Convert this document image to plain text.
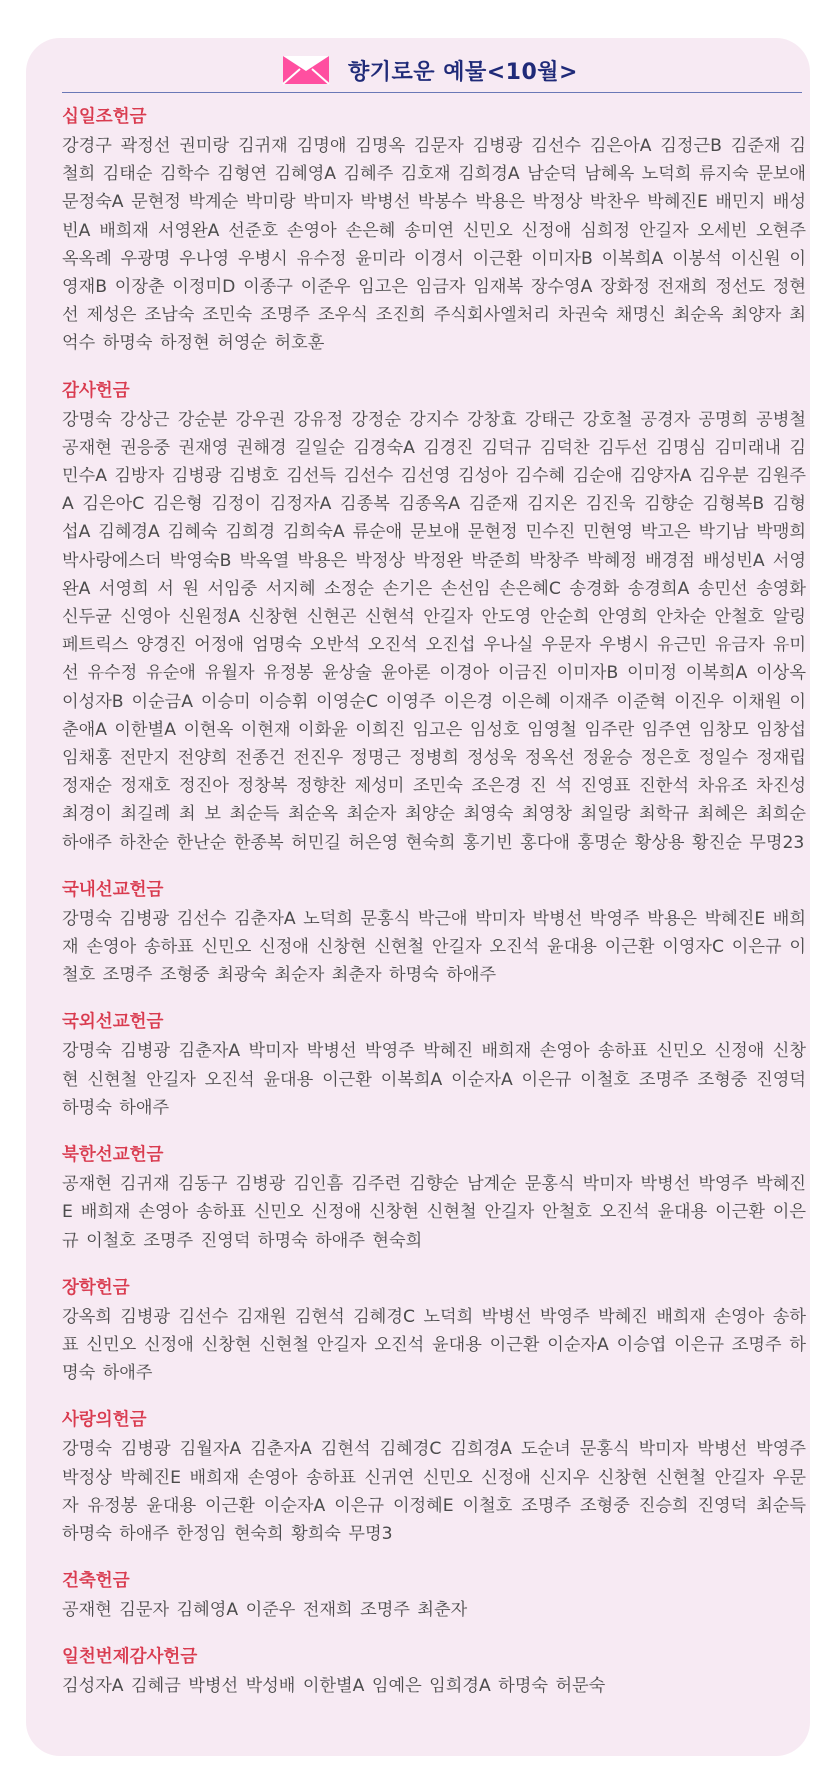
향기로운 예물<10월>
십일조헌금
강경구 곽정선 권미랑 김귀재 김명애 김명옥 김문자 김병광 김선수 김은아A 김정근B 김준재 김철희 김태순 김학수 김형연 김혜영A 김혜주 김호재 김희경A 남순덕 남혜옥 노덕희 류지숙 문보애 문정숙A 문현정 박계순 박미랑 박미자 박병선 박봉수 박용은 박정상 박찬우 박혜진E 배민지 배성빈A 배희재 서영완A 선준호 손영아 손은혜 송미연 신민오 신정애 심희정 안길자 오세빈 오현주 옥옥례 우광명 우나영 우병시 유수정 윤미라 이경서 이근환 이미자B 이복희A 이봉석 이신원 이영재B 이장춘 이정미D 이종구 이준우 임고은 임금자 임재복 장수영A 장화정 전재희 정선도 정현선 제성은 조남숙 조민숙 조명주 조우식 조진희 주식회사엘처리 차권숙 채명신 최순옥 최양자 최억수 하명숙 하정현 허영순 허호훈
감사헌금
강명숙 강상근 강순분 강우권 강유정 강정순 강지수 강창효 강태근 강호철 공경자 공명희 공병철 공재현 권응중 권재영 권해경 길일순 김경숙A 김경진 김덕규 김덕찬 김두선 김명심 김미래내 김민수A 김방자 김병광 김병호 김선득 김선수 김선영 김성아 김수혜 김순애 김양자A 김우분 김원주A 김은아C 김은형 김정이 김정자A 김종복 김종옥A 김준재 김지온 김진욱 김향순 김형복B 김형섭A 김혜경A 김혜숙 김희경 김희숙A 류순애 문보애 문현정 민수진 민현영 박고은 박기남 박맹희 박사랑에스더 박영숙B 박옥열 박용은 박정상 박정완 박준희 박창주 박혜정 배경점 배성빈A 서영완A 서영희 서 원 서임중 서지혜 소정순 손기은 손선임 손은혜C 송경화 송경희A 송민선 송영화 신두균 신영아 신원정A 신창현 신현곤 신현석 안길자 안도영 안순희 안영희 안차순 안철호 알링페트릭스 양경진 어정애 엄명숙 오반석 오진석 오진섭 우나실 우문자 우병시 유근민 유금자 유미선 유수정 유순애 유월자 유정봉 윤상술 윤아론 이경아 이금진 이미자B 이미정 이복희A 이상옥 이성자B 이순금A 이승미 이승휘 이영순C 이영주 이은경 이은혜 이재주 이준혁 이진우 이채원 이춘애A 이한별A 이현옥 이현재 이화윤 이희진 임고은 임성호 임영철 임주란 임주연 임창모 임창섭 임채홍 전만지 전양희 전종건 전진우 정명근 정병희 정성욱 정옥선 정윤승 정은호 정일수 정재립 정재순 정재호 정진아 정창복 정향찬 제성미 조민숙 조은경 진 석 진영표 진한석 차유조 차진성 최경이 최길례 최 보 최순득 최순옥 최순자 최양순 최영숙 최영창 최일랑 최학규 최혜은 최희순 하애주 하찬순 한난순 한종복 허민길 허은영 현숙희 홍기빈 홍다애 홍명순 황상용 황진순 무명23
국내선교헌금
강명숙 김병광 김선수 김춘자A 노덕희 문홍식 박근애 박미자 박병선 박영주 박용은 박혜진E 배희재 손영아 송하표 신민오 신정애 신창현 신현철 안길자 오진석 윤대용 이근환 이영자C 이은규 이철호 조명주 조형중 최광숙 최순자 최춘자 하명숙 하애주
국외선교헌금
강명숙 김병광 김춘자A 박미자 박병선 박영주 박혜진 배희재 손영아 송하표 신민오 신정애 신창현 신현철 안길자 오진석 윤대용 이근환 이복희A 이순자A 이은규 이철호 조명주 조형중 진영덕 하명숙 하애주
북한선교헌금
공재현 김귀재 김동구 김병광 김인흠 김주련 김향순 남계순 문홍식 박미자 박병선 박영주 박혜진E 배희재 손영아 송하표 신민오 신정애 신창현 신현철 안길자 안철호 오진석 윤대용 이근환 이은규 이철호 조명주 진영덕 하명숙 하애주 현숙희
장학헌금
강옥희 김병광 김선수 김재원 김현석 김혜경C 노덕희 박병선 박영주 박혜진 배희재 손영아 송하표 신민오 신정애 신창현 신현철 안길자 오진석 윤대용 이근환 이순자A 이승엽 이은규 조명주 하명숙 하애주
사랑의헌금
강명숙 김병광 김월자A 김춘자A 김현석 김혜경C 김희경A 도순녀 문홍식 박미자 박병선 박영주 박정상 박혜진E 배희재 손영아 송하표 신귀연 신민오 신정애 신지우 신창현 신현철 안길자 우문자 유정봉 윤대용 이근환 이순자A 이은규 이정혜E 이철호 조명주 조형중 진승희 진영덕 최순득 하명숙 하애주 한정임 현숙희 황희숙 무명3
건축헌금
공재현 김문자 김혜영A 이준우 전재희 조명주 최춘자
일천번제감사헌금
김성자A 김혜금 박병선 박성배 이한별A 임예은 임희경A 하명숙 허문숙
